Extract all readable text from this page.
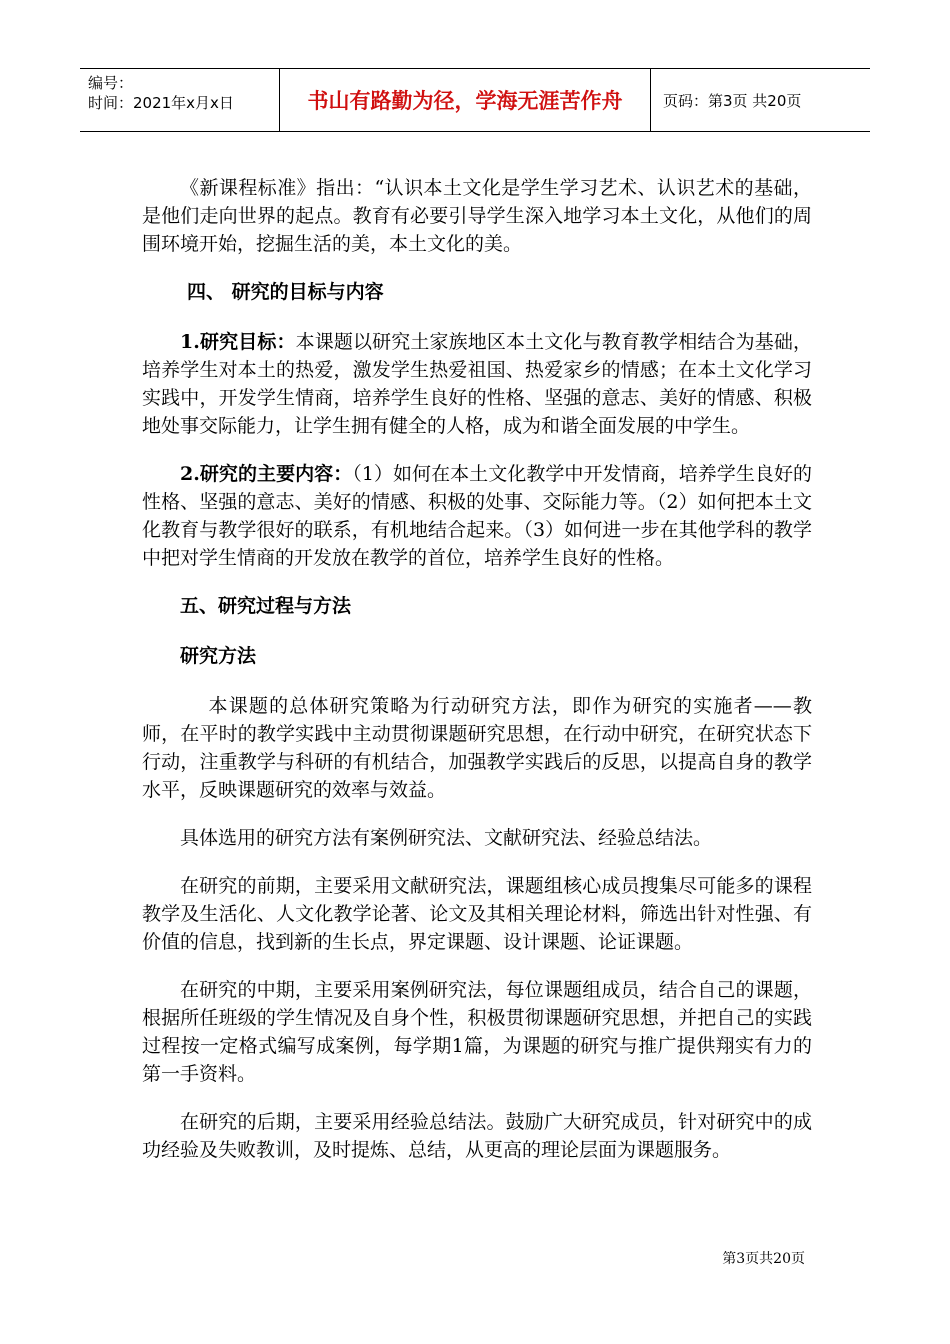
编号：
时间：2021年x月x日	书山有路勤为径，学海无涯苦作舟	页码：第3页 共20页

《新课程标准》指出：“认识本土文化是学生学习艺术、认识艺术的基础，是他们走向世界的起点。教育有必要引导学生深入地学习本土文化，从他们的周围环境开始，挖掘生活的美，本土文化的美。

四、 研究的目标与内容

1.研究目标：本课题以研究土家族地区本土文化与教育教学相结合为基础，培养学生对本土的热爱，激发学生热爱祖国、热爱家乡的情感；在本土文化学习实践中，开发学生情商，培养学生良好的性格、坚强的意志、美好的情感、积极地处事交际能力，让学生拥有健全的人格，成为和谐全面发展的中学生。

2.研究的主要内容：（1）如何在本土文化教学中开发情商，培养学生良好的性格、坚强的意志、美好的情感、积极的处事、交际能力等。（2）如何把本土文化教育与教学很好的联系，有机地结合起来。（3）如何进一步在其他学科的教学中把对学生情商的开发放在教学的首位，培养学生良好的性格。

五、研究过程与方法

研究方法

本课题的总体研究策略为行动研究方法，即作为研究的实施者——教师，在平时的教学实践中主动贯彻课题研究思想，在行动中研究，在研究状态下行动，注重教学与科研的有机结合，加强教学实践后的反思，以提高自身的教学水平，反映课题研究的效率与效益。

具体选用的研究方法有案例研究法、文献研究法、经验总结法。

在研究的前期，主要采用文献研究法，课题组核心成员搜集尽可能多的课程教学及生活化、人文化教学论著、论文及其相关理论材料，筛选出针对性强、有价值的信息，找到新的生长点，界定课题、设计课题、论证课题。

在研究的中期，主要采用案例研究法，每位课题组成员，结合自己的课题，根据所任班级的学生情况及自身个性，积极贯彻课题研究思想，并把自己的实践过程按一定格式编写成案例，每学期1篇，为课题的研究与推广提供翔实有力的第一手资料。

在研究的后期，主要采用经验总结法。鼓励广大研究成员，针对研究中的成功经验及失败教训，及时提炼、总结，从更高的理论层面为课题服务。

第3页共20页
